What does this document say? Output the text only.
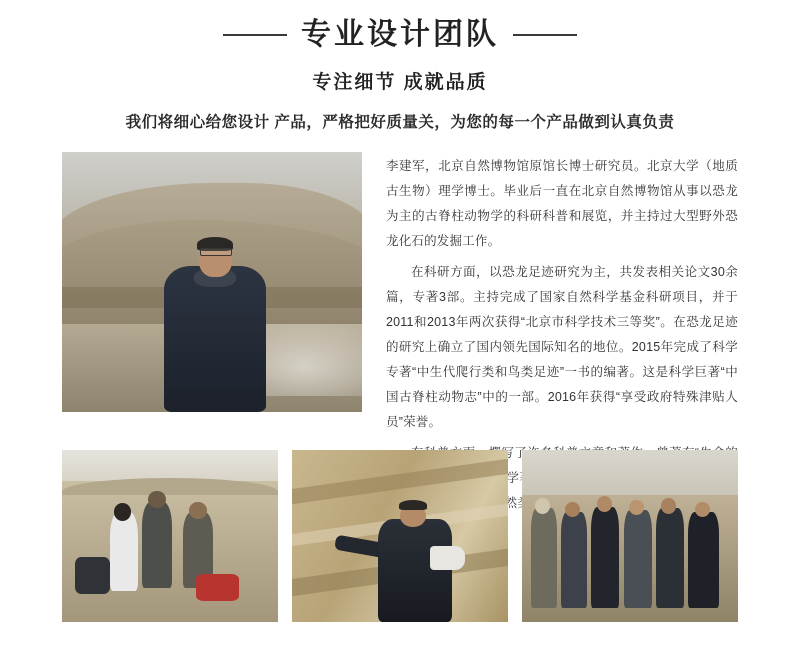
专业设计团队
专注细节 成就品质
我们将细心给您设计 产品，严格把好质量关，为您的每一个产品做到认真负责

李建军，北京自然博物馆原馆长博士研究员。北京大学（地质古生物）理学博士。毕业后一直在北京自然博物馆从事以恐龙为主的古脊柱动物学的科研科普和展览，并主持过大型野外恐龙化石的发掘工作。

在科研方面，以恐龙足迹研究为主，共发表相关论文30余篇，专著3部。主持完成了国家自然科学基金科研项目，并于2011和2013年两次获得“北京市科学技术三等奖”。在恐龙足迹的研究上确立了国内领先国际知名的地位。2015年完成了科学专著“中生代爬行类和鸟类足迹”一书的编著。这是科学巨著“中国古脊柱动物志”中的一部。2016年获得“享受政府特殊津贴人员”荣誉。
